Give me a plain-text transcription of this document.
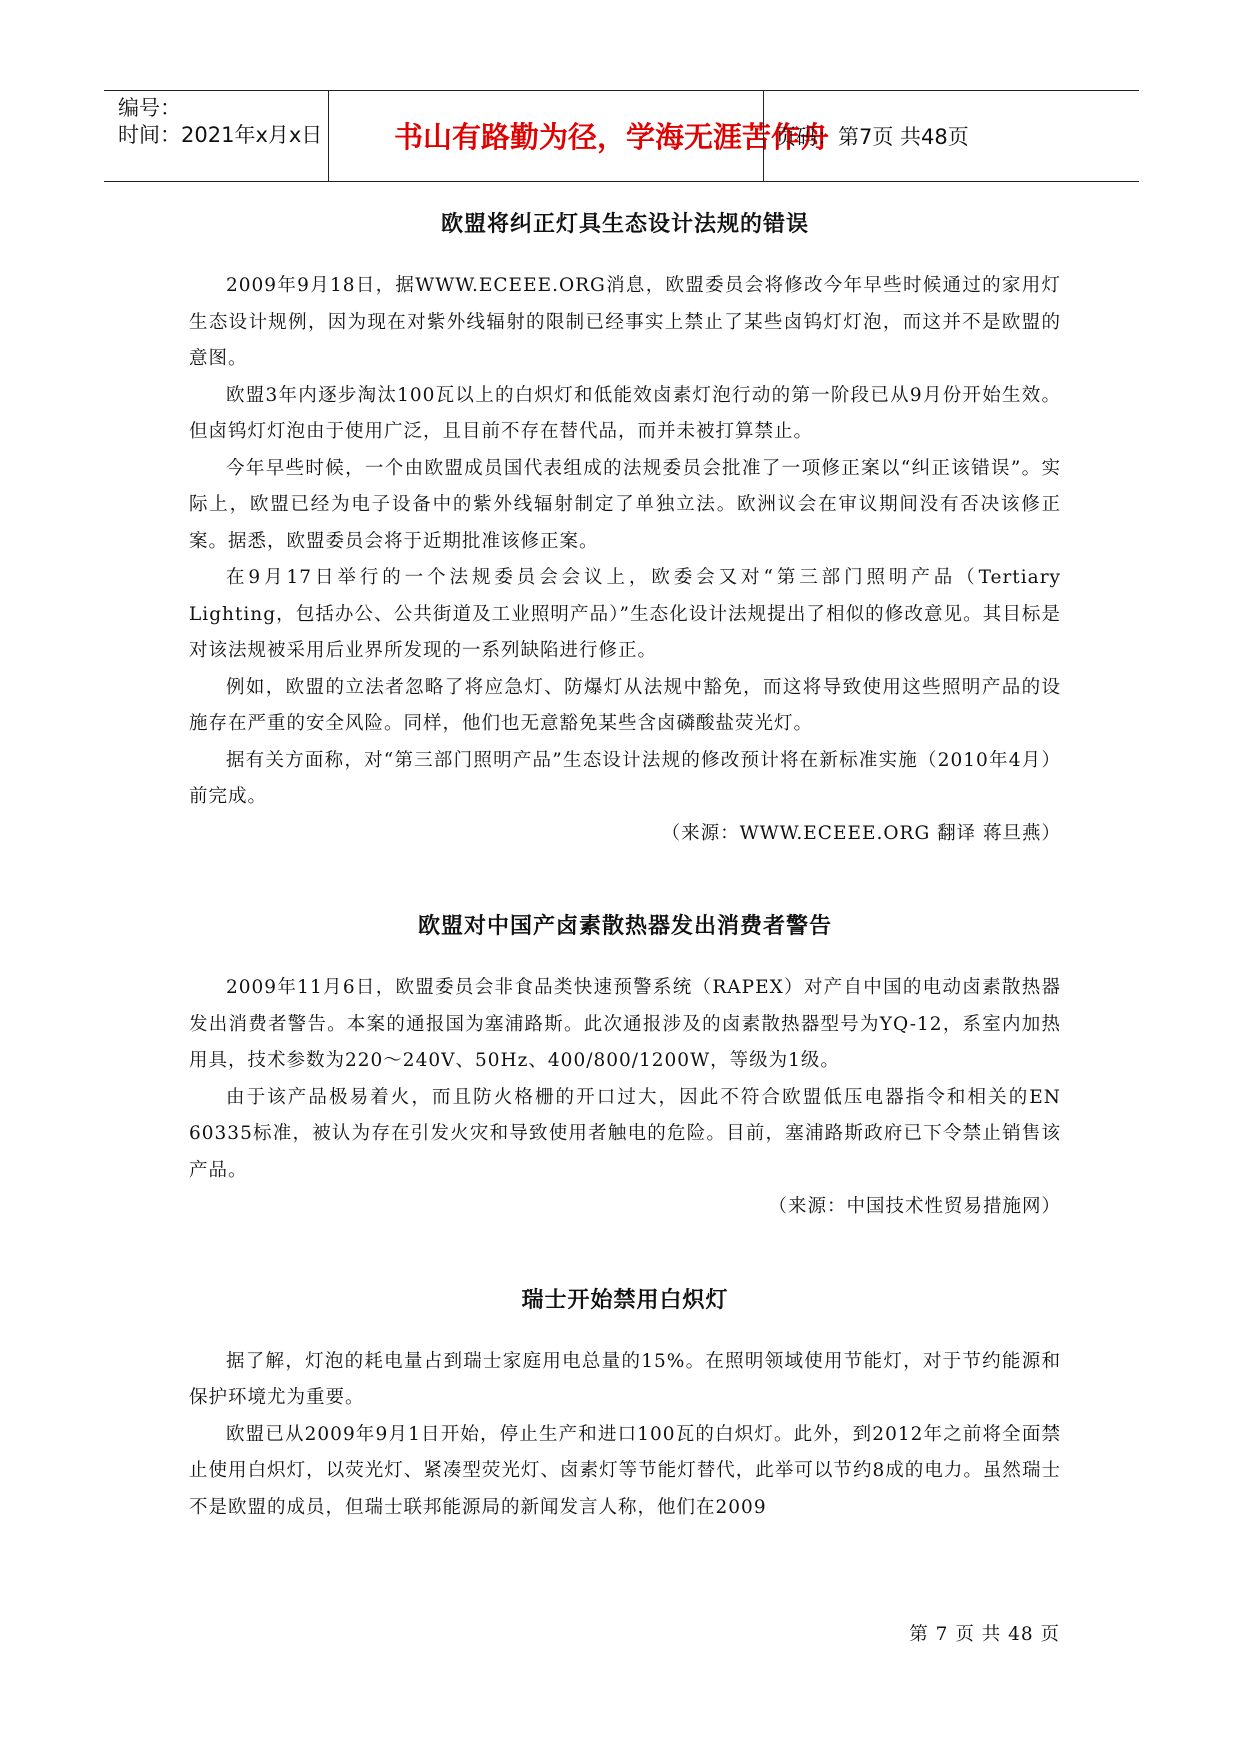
编号：
时间：2021年x月x日	书山有路勤为径，学海无涯苦作舟
页码：第7页 共48页
欧盟将纠正灯具生态设计法规的错误

2009年9月18日，据WWW.ECEEE.ORG消息，欧盟委员会将修改今年早些时候通过的家用灯生态设计规例，因为现在对紫外线辐射的限制已经事实上禁止了某些卤钨灯灯泡，而这并不是欧盟的意图。

欧盟3年内逐步淘汰100瓦以上的白炽灯和低能效卤素灯泡行动的第一阶段已从9月份开始生效。但卤钨灯灯泡由于使用广泛，且目前不存在替代品，而并未被打算禁止。

今年早些时候，一个由欧盟成员国代表组成的法规委员会批准了一项修正案以“纠正该错误”。实际上，欧盟已经为电子设备中的紫外线辐射制定了单独立法。欧洲议会在审议期间没有否决该修正案。据悉，欧盟委员会将于近期批准该修正案。

在9月17日举行的一个法规委员会会议上，欧委会又对“第三部门照明产品（Tertiary Lighting，包括办公、公共街道及工业照明产品）”生态化设计法规提出了相似的修改意见。其目标是对该法规被采用后业界所发现的一系列缺陷进行修正。

例如，欧盟的立法者忽略了将应急灯、防爆灯从法规中豁免，而这将导致使用这些照明产品的设施存在严重的安全风险。同样，他们也无意豁免某些含卤磷酸盐荧光灯。

据有关方面称，对“第三部门照明产品”生态设计法规的修改预计将在新标准实施（2010年4月）前完成。

（来源：WWW.ECEEE.ORG 翻译 蒋旦燕）

欧盟对中国产卤素散热器发出消费者警告

2009年11月6日，欧盟委员会非食品类快速预警系统（RAPEX）对产自中国的电动卤素散热器发出消费者警告。本案的通报国为塞浦路斯。此次通报涉及的卤素散热器型号为YQ-12，系室内加热用具，技术参数为220～240V、50Hz、400/800/1200W，等级为1级。

由于该产品极易着火，而且防火格栅的开口过大，因此不符合欧盟低压电器指令和相关的EN 60335标准，被认为存在引发火灾和导致使用者触电的危险。目前，塞浦路斯政府已下令禁止销售该产品。

（来源：中国技术性贸易措施网）

瑞士开始禁用白炽灯

据了解，灯泡的耗电量占到瑞士家庭用电总量的15%。在照明领域使用节能灯，对于节约能源和保护环境尤为重要。

欧盟已从2009年9月1日开始，停止生产和进口100瓦的白炽灯。此外，到2012年之前将全面禁止使用白炽灯，以荧光灯、紧凑型荧光灯、卤素灯等节能灯替代，此举可以节约8成的电力。虽然瑞士不是欧盟的成员，但瑞士联邦能源局的新闻发言人称，他们在2009

第 7 页 共 48 页
